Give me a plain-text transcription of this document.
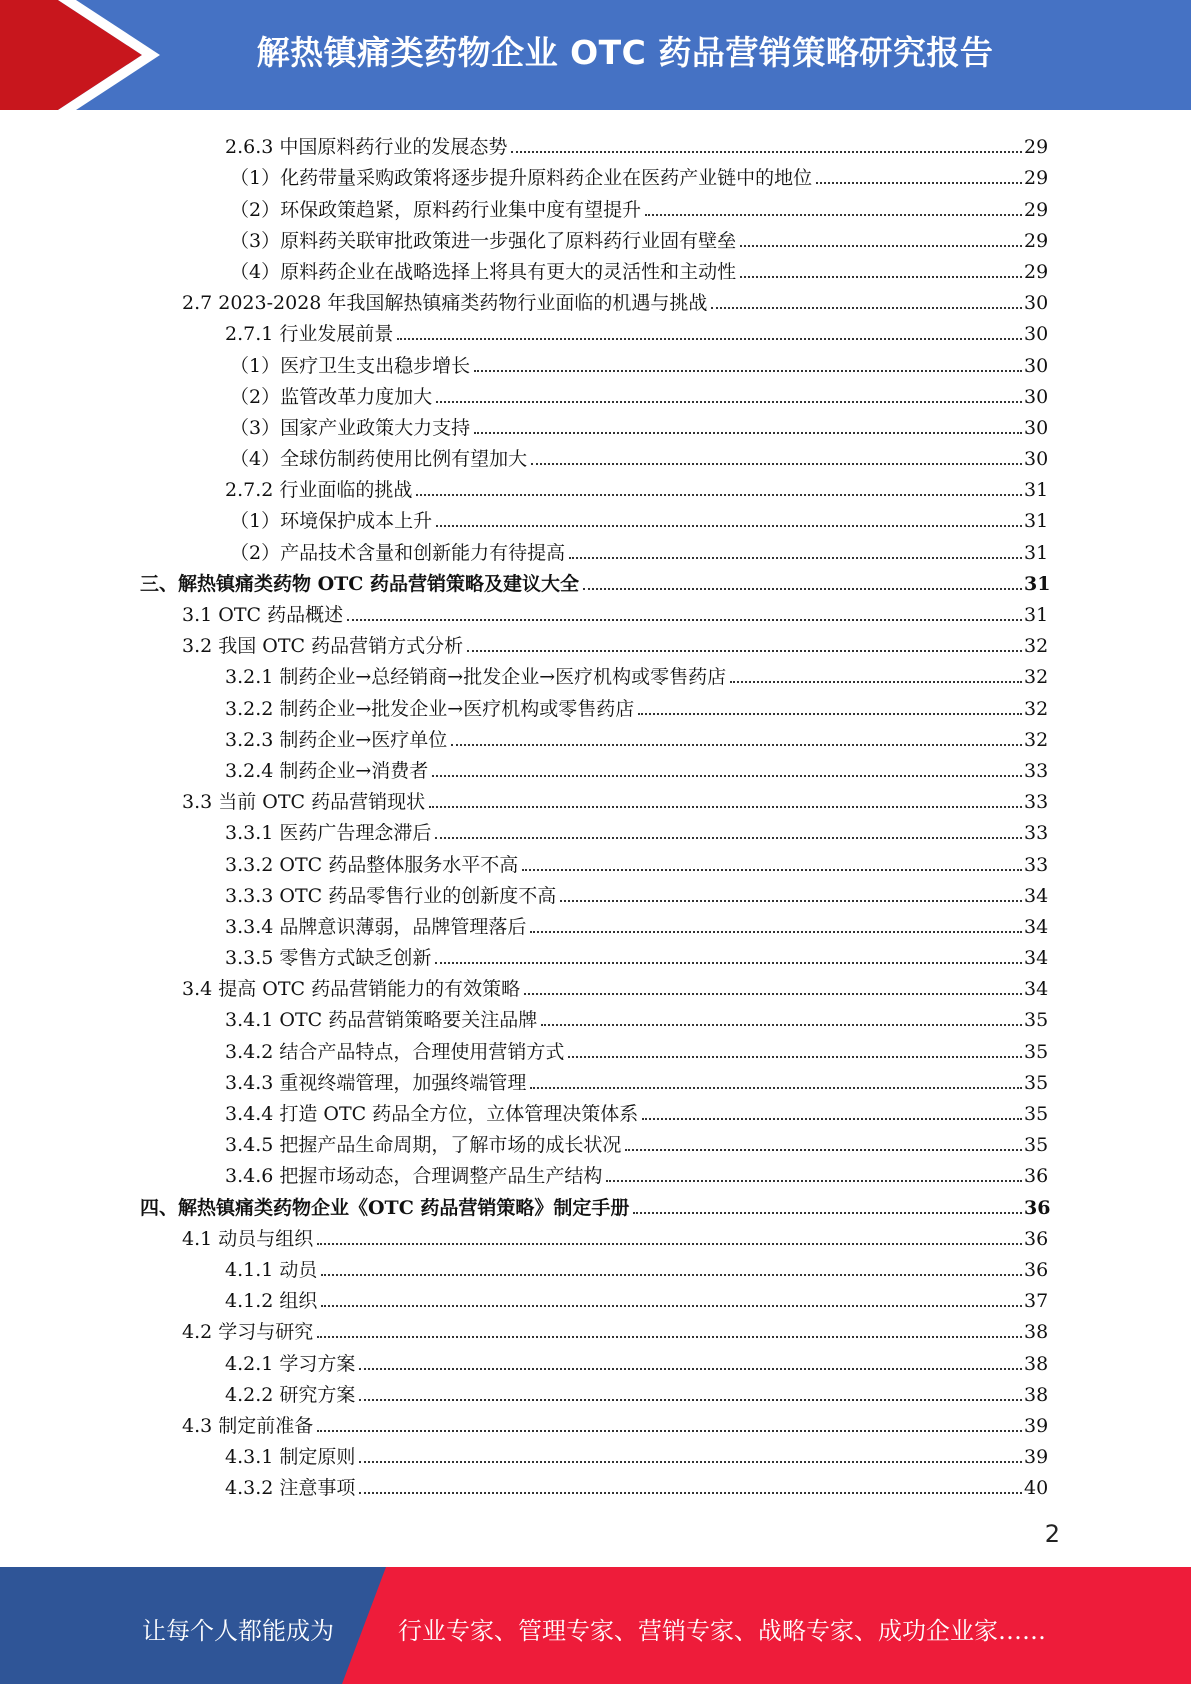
解热镇痛类药物企业 OTC 药品营销策略研究报告
2.6.3 中国原料药行业的发展态势	29
（1）化药带量采购政策将逐步提升原料药企业在医药产业链中的地位	29
（2）环保政策趋紧，原料药行业集中度有望提升	29
（3）原料药关联审批政策进一步强化了原料药行业固有壁垒	29
（4）原料药企业在战略选择上将具有更大的灵活性和主动性	29
2.7 2023-2028 年我国解热镇痛类药物行业面临的机遇与挑战	30
2.7.1 行业发展前景	30
（1）医疗卫生支出稳步增长	30
（2）监管改革力度加大	30
（3）国家产业政策大力支持	30
（4）全球仿制药使用比例有望加大	30
2.7.2 行业面临的挑战	31
（1）环境保护成本上升	31
（2）产品技术含量和创新能力有待提高	31
三、解热镇痛类药物 OTC 药品营销策略及建议大全	31
3.1 OTC 药品概述	31
3.2 我国 OTC 药品营销方式分析	32
3.2.1 制药企业→总经销商→批发企业→医疗机构或零售药店	32
3.2.2 制药企业→批发企业→医疗机构或零售药店	32
3.2.3 制药企业→医疗单位	32
3.2.4 制药企业→消费者	33
3.3 当前 OTC 药品营销现状	33
3.3.1 医药广告理念滞后	33
3.3.2 OTC 药品整体服务水平不高	33
3.3.3 OTC 药品零售行业的创新度不高	34
3.3.4 品牌意识薄弱，品牌管理落后	34
3.3.5 零售方式缺乏创新	34
3.4 提高 OTC 药品营销能力的有效策略	34
3.4.1 OTC 药品营销策略要关注品牌	35
3.4.2 结合产品特点，合理使用营销方式	35
3.4.3 重视终端管理，加强终端管理	35
3.4.4 打造 OTC 药品全方位，立体管理决策体系	35
3.4.5 把握产品生命周期，了解市场的成长状况	35
3.4.6 把握市场动态，合理调整产品生产结构	36
四、解热镇痛类药物企业《OTC 药品营销策略》制定手册	36
4.1 动员与组织	36
4.1.1 动员	36
4.1.2 组织	37
4.2 学习与研究	38
4.2.1 学习方案	38
4.2.2 研究方案	38
4.3 制定前准备	39
4.3.1 制定原则	39
4.3.2 注意事项	40
2
让每个人都能成为	行业专家、管理专家、营销专家、战略专家、成功企业家……
